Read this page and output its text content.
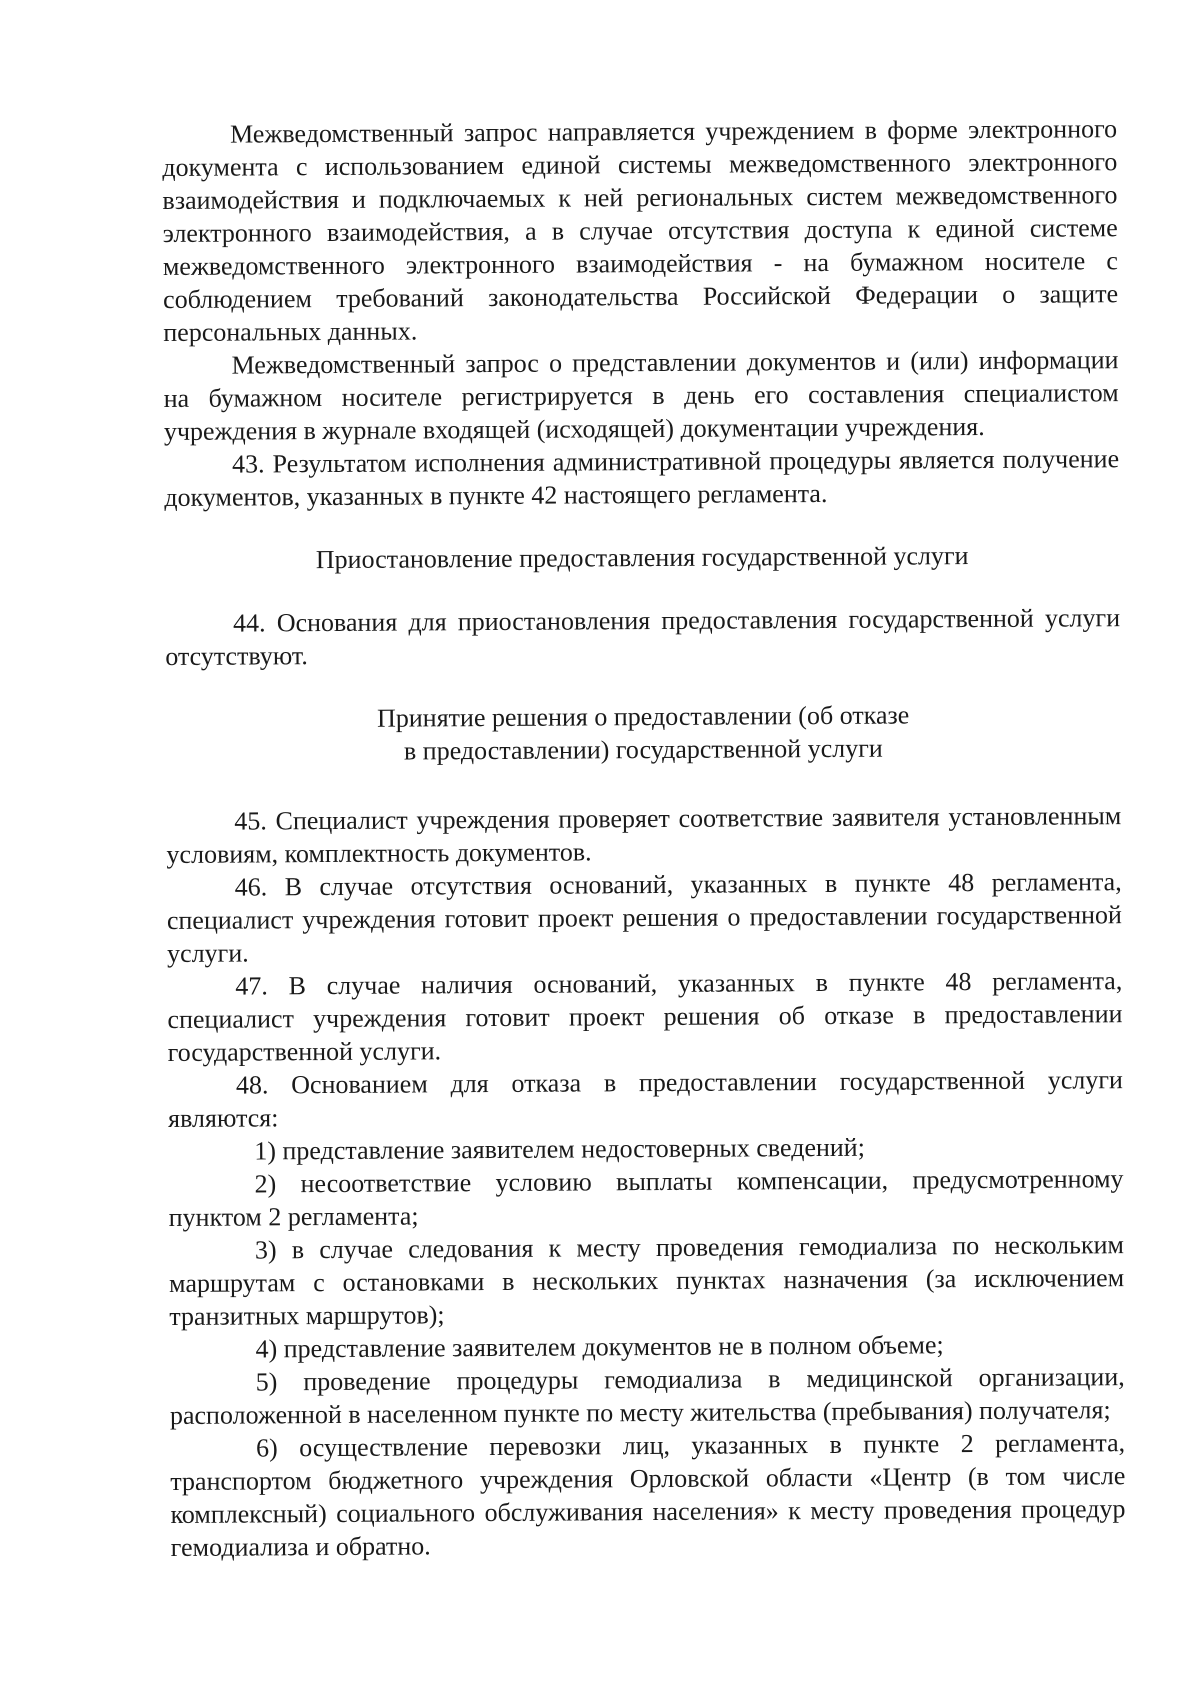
Межведомственный запрос направляется учреждением в форме электронного документа с использованием единой системы межведомственного электронного взаимодействия и подключаемых к ней региональных систем межведомственного электронного взаимодействия, а в случае отсутствия доступа к единой системе межведомственного электронного взаимодействия - на бумажном носителе с соблюдением требований законодательства Российской Федерации о защите персональных данных.

Межведомственный запрос о представлении документов и (или) информации на бумажном носителе регистрируется в день его составления специалистом учреждения в журнале входящей (исходящей) документации учреждения.

43. Результатом исполнения административной процедуры является получение документов, указанных в пункте 42 настоящего регламента.

Приостановление предоставления государственной услуги

44. Основания для приостановления предоставления государственной услуги отсутствуют.

Принятие решения о предоставлении (об отказе
в предоставлении) государственной услуги

45. Специалист учреждения проверяет соответствие заявителя установленным условиям, комплектность документов.

46. В случае отсутствия оснований, указанных в пункте 48 регламента, специалист учреждения готовит проект решения о предоставлении государственной услуги.

47. В случае наличия оснований, указанных в пункте 48 регламента, специалист учреждения готовит проект решения об отказе в предоставлении государственной услуги.

48. Основанием для отказа в предоставлении государственной услуги являются:

1) представление заявителем недостоверных сведений;

2) несоответствие условию выплаты компенсации, предусмотренному пунктом 2 регламента;

3) в случае следования к месту проведения гемодиализа по нескольким маршрутам с остановками в нескольких пунктах назначения (за исключением транзитных маршрутов);

4) представление заявителем документов не в полном объеме;

5) проведение процедуры гемодиализа в медицинской организации, расположенной в населенном пункте по месту жительства (пребывания) получателя;

6) осуществление перевозки лиц, указанных в пункте 2 регламента, транспортом бюджетного учреждения Орловской области «Центр (в том числе комплексный) социального обслуживания населения» к месту проведения процедур гемодиализа и обратно.
